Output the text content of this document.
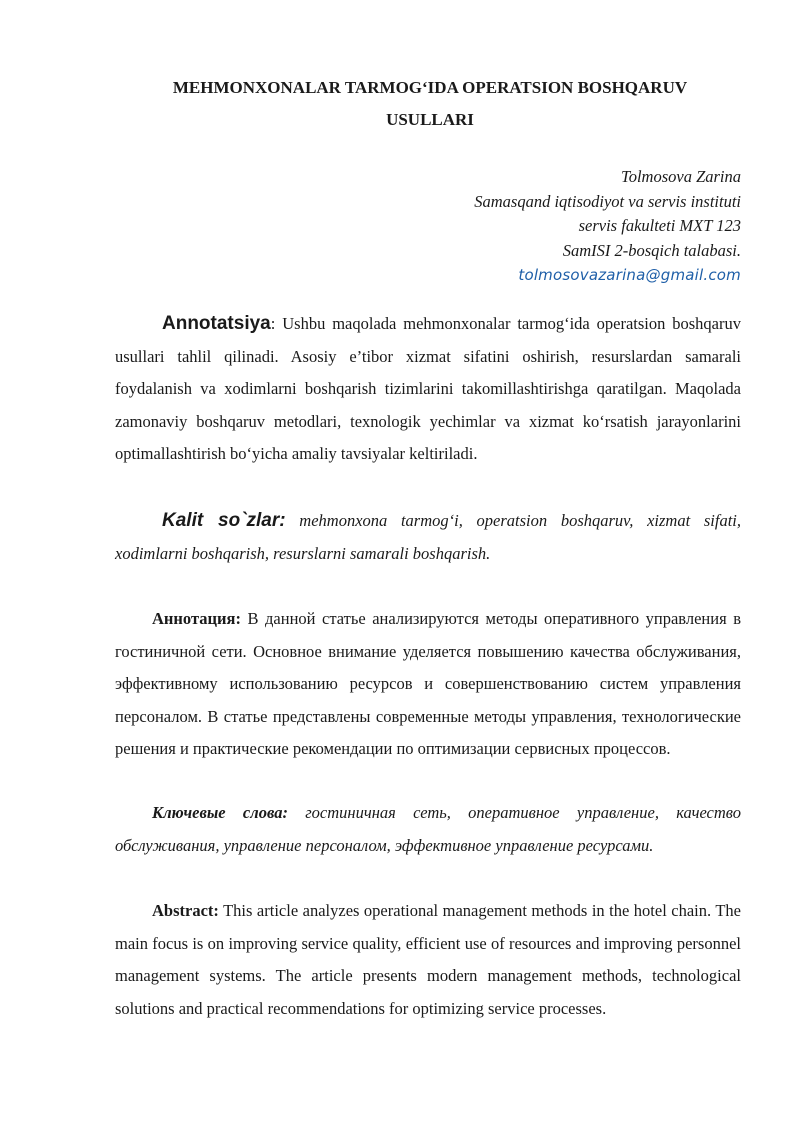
MEHMONXONALAR TARMOG‘IDA OPERATSION BOSHQARUV
USULLARI
Tolmosova Zarina
Samasqand iqtisodiyot va servis instituti
servis fakulteti MXT 123
SamISI 2-bosqich talabasi.
tolmosovazarina@gmail.com

Annotatsiya: Ushbu maqolada mehmonxonalar tarmog‘ida operatsion boshqaruv usullari tahlil qilinadi. Asosiy e’tibor xizmat sifatini oshirish, resurslardan samarali foydalanish va xodimlarni boshqarish tizimlarini takomillashtirishga qaratilgan. Maqolada zamonaviy boshqaruv metodlari, texnologik yechimlar va xizmat ko‘rsatish jarayonlarini optimallashtirish bo‘yicha amaliy tavsiyalar keltiriladi.

Kalit so`zlar: mehmonxona tarmog‘i, operatsion boshqaruv, xizmat sifati, xodimlarni boshqarish, resurslarni samarali boshqarish.

Аннотация: В данной статье анализируются методы оперативного управления в гостиничной сети. Основное внимание уделяется повышению качества обслуживания, эффективному использованию ресурсов и совершенствованию систем управления персоналом. В статье представлены современные методы управления, технологические решения и практические рекомендации по оптимизации сервисных процессов.

Ключевые слова: гостиничная сеть, оперативное управление, качество обслуживания, управление персоналом, эффективное управление ресурсами.

Abstract: This article analyzes operational management methods in the hotel chain. The main focus is on improving service quality, efficient use of resources and improving personnel management systems. The article presents modern management methods, technological solutions and practical recommendations for optimizing service processes.
